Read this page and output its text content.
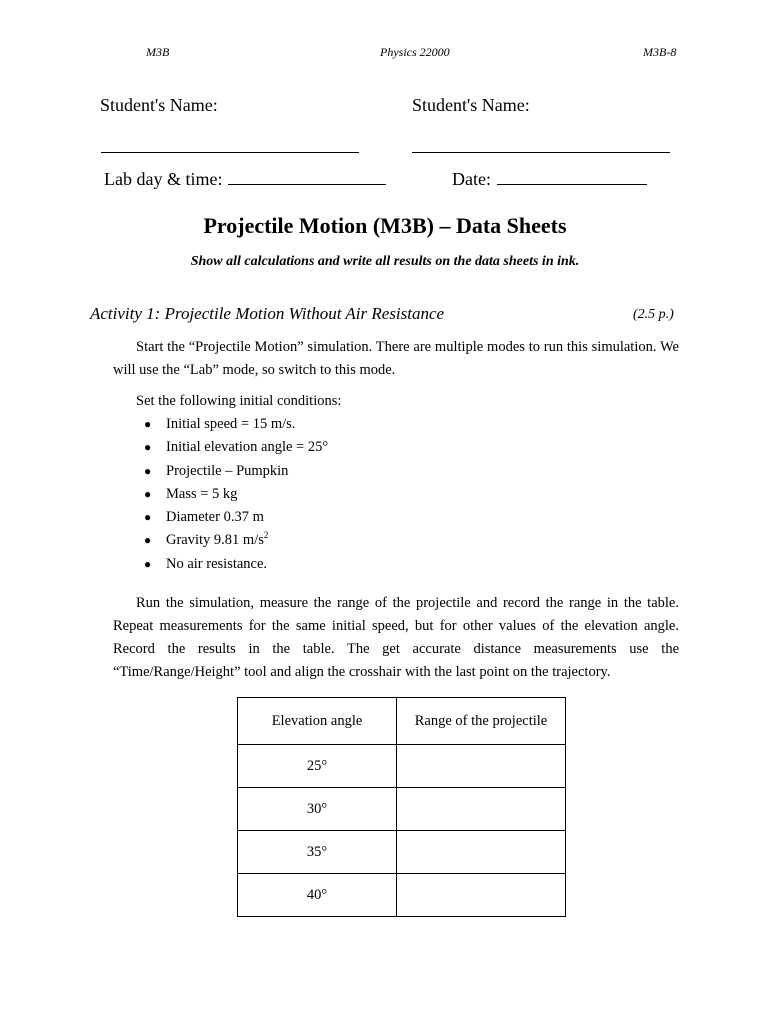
M3B	Physics 22000	M3B-8
Student's Name:	Student's Name:
Lab day & time:	Date:
Projectile Motion (M3B) – Data Sheets
Show all calculations and write all results on the data sheets in ink.
Activity 1: Projectile Motion Without Air Resistance	(2.5 p.)
Start the “Projectile Motion” simulation. There are multiple modes to run this simulation. We will use the “Lab” mode, so switch to this mode.
Set the following initial conditions:
● Initial speed = 15 m/s.
● Initial elevation angle = 25°
● Projectile – Pumpkin
● Mass = 5 kg
● Diameter 0.37 m
● Gravity 9.81 $m/s^2$
● No air resistance.
Run the simulation, measure the range of the projectile and record the range in the table. Repeat measurements for the same initial speed, but for other values of the elevation angle. Record the results in the table. The get accurate distance measurements use the “Time/Range/Height” tool and align the crosshair with the last point on the trajectory.
Elevation angle	Range of the projectile
25°	
30°	
35°	
40°	
